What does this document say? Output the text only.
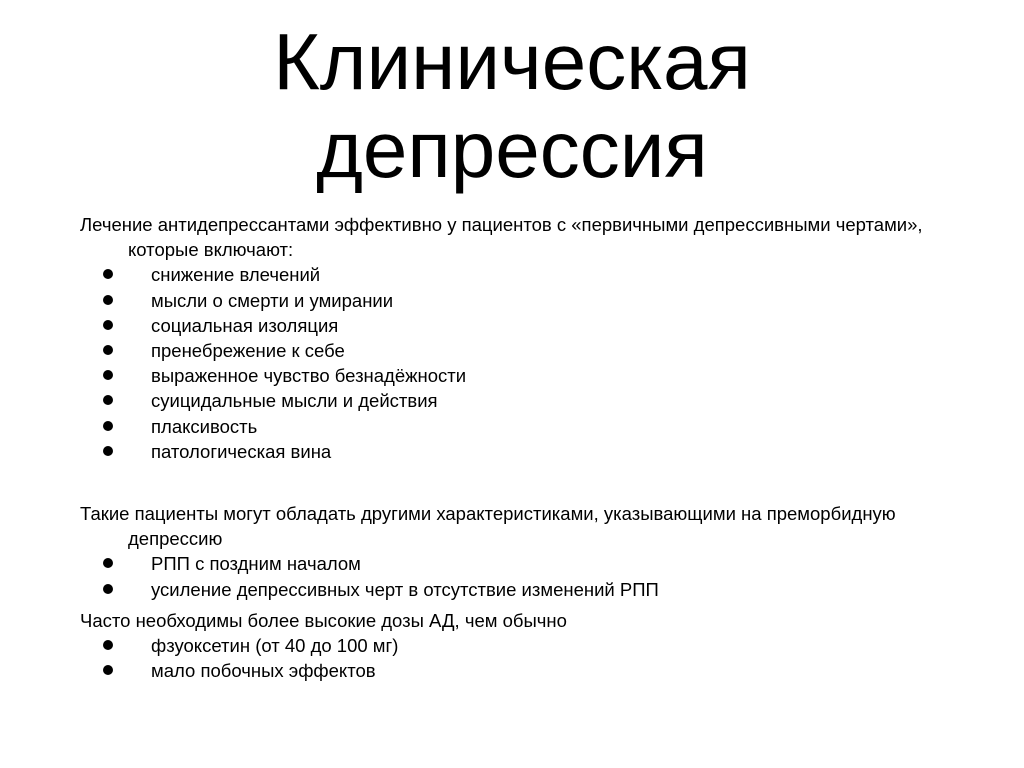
Клиническая
депрессия

Лечение антидепрессантами эффективно у пациентов с «первичными депрессивными чертами», которые включают:

снижение влечений
мысли о смерти и умирании
социальная изоляция
пренебрежение к себе
выраженное чувство безнадёжности
суицидальные мысли и действия
плаксивость
патологическая вина

Такие пациенты могут обладать другими характеристиками, указывающими на преморбидную депрессию

РПП с поздним началом
усиление депрессивных черт в отсутствие изменений РПП

Часто необходимы более высокие дозы АД, чем обычно

фзуоксетин (от 40 до 100 мг)
мало побочных эффектов
